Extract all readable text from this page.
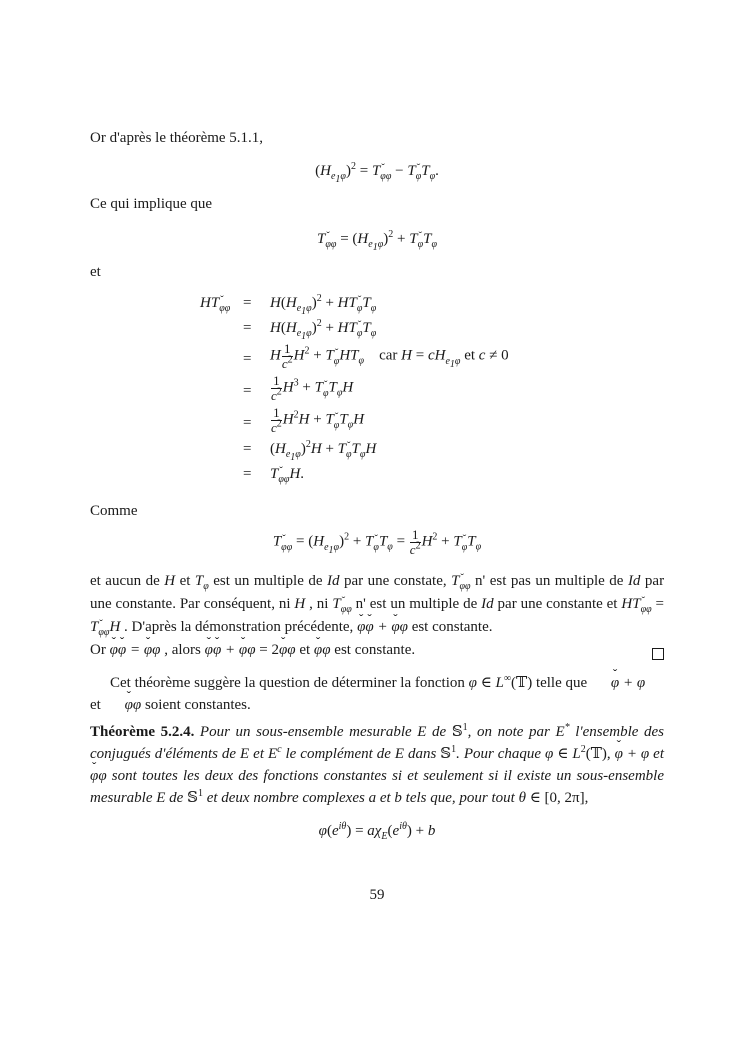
Or d'après le théorème 5.1.1,

$(H_{e_1\varphi})^2 = T_{\varphi\varphi} - T_\varphi T_\varphi$.

Ce qui implique que

$T_{\varphi\varphi} = (H_{e_1\varphi})^2 + T_\varphi T_\varphi$

et

$HT_{\varphi\varphi} = H(H_{e_1\varphi})^2 + HT_\varphi T_\varphi$
= $H(H_{e_1\varphi})^2 + HT_\varphi T_\varphi$
= H $\frac{1}{c^2} H^2 + T_\varphi HT_\varphi$ car $H = cH_{e_1\varphi}$ et c ≠ 0
= $\frac{1}{c^2} H^3 + T_\varphi T_\varphi H$
= $\frac{1}{c^2} H^2H + T_\varphi T_\varphi H$
= $(H_{e_1\varphi})^2H + T_\varphi T_\varphi H$
= $T_{\varphi\varphi}H$.

Comme

$T_{\varphi\varphi} = (H_{e_1\varphi})^2 + T_\varphi T_\varphi = \frac{1}{c^2} H^2 + T_\varphi T_\varphi$

et aucun de H et $T_\varphi$ est un multiple de Id par une constate, $T_{\varphi\varphi}$ n' est pas un multiple de Id par une constante. Par conséquent, ni H , ni $T_{\varphi\varphi}$ n' est un multiple de Id par une constante et $HT_{\varphi\varphi} = T_{\varphi\varphi}H$ . D'après la démonstration précédente, ˇ φˇ φ + ˇ φφ est constante.
Or ˇ φˇ φ = ˇ φφ , alors ˇ φˇ φ + ˇ φφ = 2ˇ φφ et ˇ φφ est constante.

Cet théorème suggère la question de déterminer la fonction φ ∈ L∞(𝕋) telle que ˇ φ + φ
et ˇ φφ soient constantes.

Théorème 5.2.4. Pour un sous-ensemble mesurable E de 𝕊$^1$, on note par E* l'ensemble des conjugués d'éléments de E et $E^c$ le complément de E dans 𝕊$^1$. Pour chaque φ ∈ $L^2(𝕋)$, ˇ φ + φ et ˇ φφ sont toutes les deux des fonctions constantes si et seulement si il existe un sous-ensemble mesurable E de 𝕊$^1$ et deux nombre complexes a et b tels que, pour tout θ ∈ [0, 2π],

$\varphi(e^{i\theta}) = a\chi_E(e^{i\theta}) + b$
59
